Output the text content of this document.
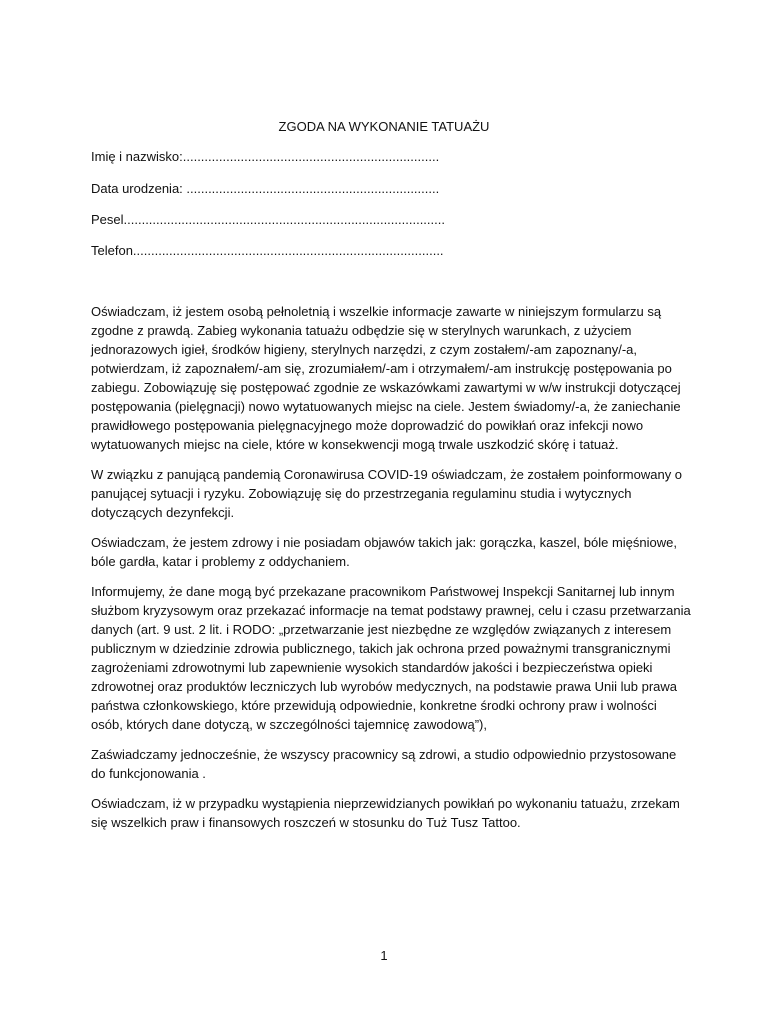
ZGODA NA WYKONANIE TATUAŻU
Imię i nazwisko:.......................................................................
Data urodzenia: ......................................................................
Pesel.........................................................................................
Telefon......................................................................................

Oświadczam, iż jestem osobą pełnoletnią i wszelkie informacje zawarte w niniejszym formularzu są zgodne z prawdą. Zabieg wykonania tatuażu odbędzie się w sterylnych warunkach, z użyciem jednorazowych igieł, środków higieny, sterylnych narzędzi, z czym zostałem/-am zapoznany/-a, potwierdzam, iż zapoznałem/-am się, zrozumiałem/-am i otrzymałem/-am instrukcję postępowania po zabiegu. Zobowiązuję się postępować zgodnie ze wskazówkami zawartymi w w/w instrukcji dotyczącej postępowania (pielęgnacji) nowo wytatuowanych miejsc na ciele. Jestem świadomy/-a, że zaniechanie prawidłowego postępowania pielęgnacyjnego może doprowadzić do powikłań oraz infekcji nowo wytatuowanych miejsc na ciele, które w konsekwencji mogą trwale uszkodzić skórę i tatuaż.

W związku z panującą pandemią Coronawirusa COVID-19 oświadczam, że zostałem poinformowany o panującej sytuacji i ryzyku. Zobowiązuję się do przestrzegania regulaminu studia i wytycznych dotyczących dezynfekcji.

Oświadczam, że jestem zdrowy i nie posiadam objawów takich jak: gorączka, kaszel, bóle mięśniowe, bóle gardła, katar i problemy z oddychaniem.

Informujemy, że dane mogą być przekazane pracownikom Państwowej Inspekcji Sanitarnej lub innym służbom kryzysowym oraz przekazać informacje na temat podstawy prawnej, celu i czasu przetwarzania danych (art. 9 ust. 2 lit. i RODO: „przetwarzanie jest niezbędne ze względów związanych z interesem publicznym w dziedzinie zdrowia publicznego, takich jak ochrona przed poważnymi transgranicznymi zagrożeniami zdrowotnymi lub zapewnienie wysokich standardów jakości i bezpieczeństwa opieki zdrowotnej oraz produktów leczniczych lub wyrobów medycznych, na podstawie prawa Unii lub prawa państwa członkowskiego, które przewidują odpowiednie, konkretne środki ochrony praw i wolności osób, których dane dotyczą, w szczególności tajemnicę zawodową”),

Zaświadczamy jednocześnie, że wszyscy pracownicy są zdrowi, a studio odpowiednio przystosowane do funkcjonowania .

Oświadczam, iż w przypadku wystąpienia nieprzewidzianych powikłań po wykonaniu tatuażu, zrzekam się wszelkich praw i finansowych roszczeń w stosunku do Tuż Tusz Tattoo.

1
